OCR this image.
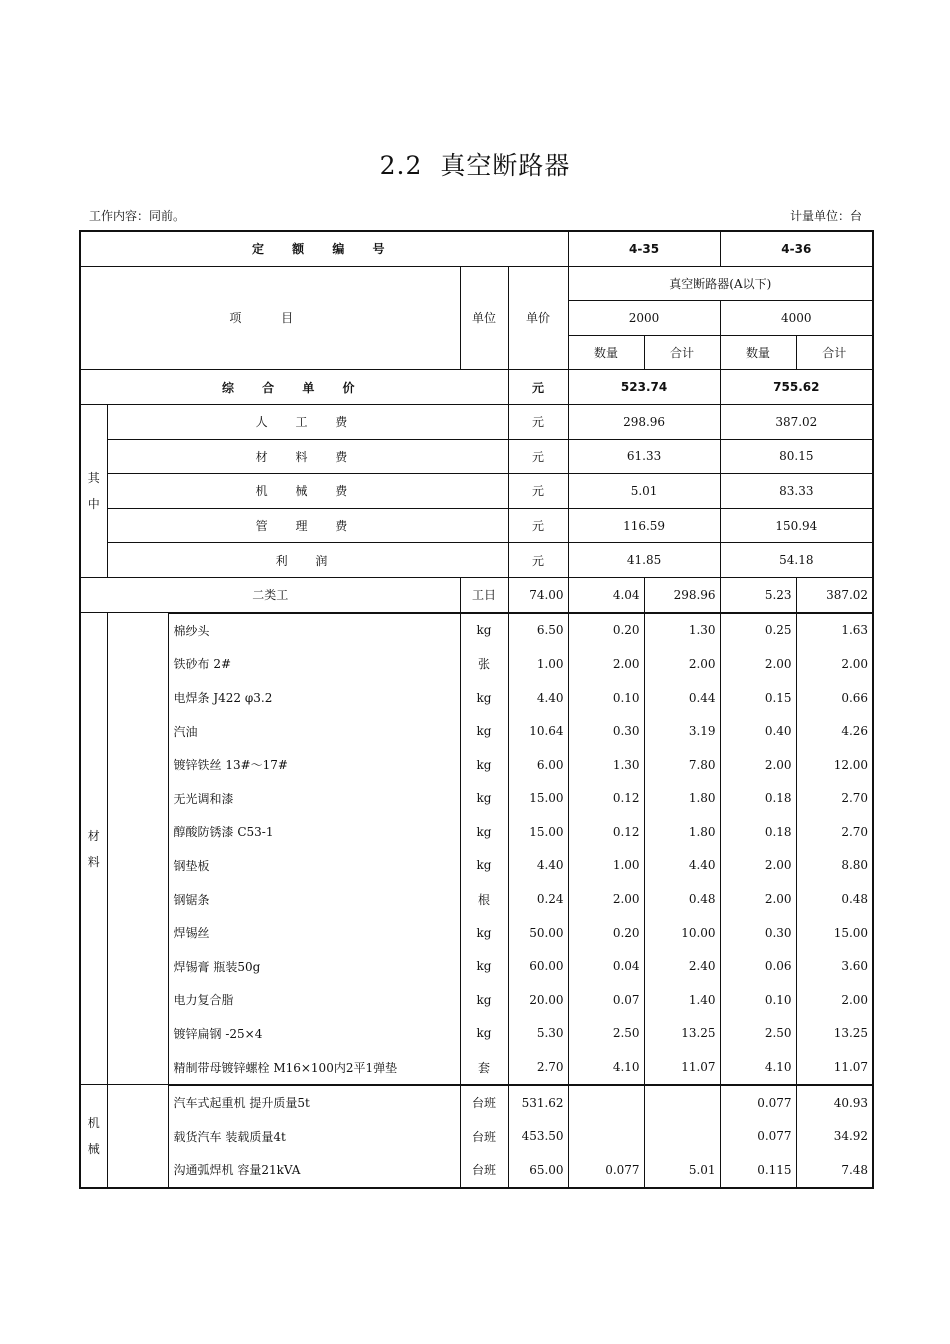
2.2 真空断路器
工作内容：同前。	计量单位：台
定 额 编 号					4-35		4-36	
项 目			单位	单价	真空断路器(A以下)			
					2000		4000	
					数量	合计	数量	合计
综 合 单 价				元	523.74		755.62	
其中	人 工 费			元	298.96		387.02	
	材 料 费			元	61.33		80.15	
	机 械 费			元	5.01		83.33	
	管 理 费			元	116.59		150.94	
	利 润			元	41.85		54.18	
二类工			工日	74.00	4.04	298.96	5.23	387.02
材料		棉纱头	kg	6.50	0.20	1.30	0.25	1.63
		铁砂布 2#	张	1.00	2.00	2.00	2.00	2.00
		电焊条 J422 φ3.2	kg	4.40	0.10	0.44	0.15	0.66
		汽油	kg	10.64	0.30	3.19	0.40	4.26
		镀锌铁丝 13#～17#	kg	6.00	1.30	7.80	2.00	12.00
		无光调和漆	kg	15.00	0.12	1.80	0.18	2.70
		醇酸防锈漆 C53-1	kg	15.00	0.12	1.80	0.18	2.70
		钢垫板	kg	4.40	1.00	4.40	2.00	8.80
		钢锯条	根	0.24	2.00	0.48	2.00	0.48
		焊锡丝	kg	50.00	0.20	10.00	0.30	15.00
		焊锡膏 瓶装50g	kg	60.00	0.04	2.40	0.06	3.60
		电力复合脂	kg	20.00	0.07	1.40	0.10	2.00
		镀锌扁钢 -25×4	kg	5.30	2.50	13.25	2.50	13.25
		精制带母镀锌螺栓 M16×100内2平1弹垫	套	2.70	4.10	11.07	4.10	11.07
机械		汽车式起重机 提升质量5t	台班	531.62			0.077	40.93
		载货汽车 装载质量4t	台班	453.50			0.077	34.92
		沟通弧焊机 容量21kVA	台班	65.00	0.077	5.01	0.115	7.48
